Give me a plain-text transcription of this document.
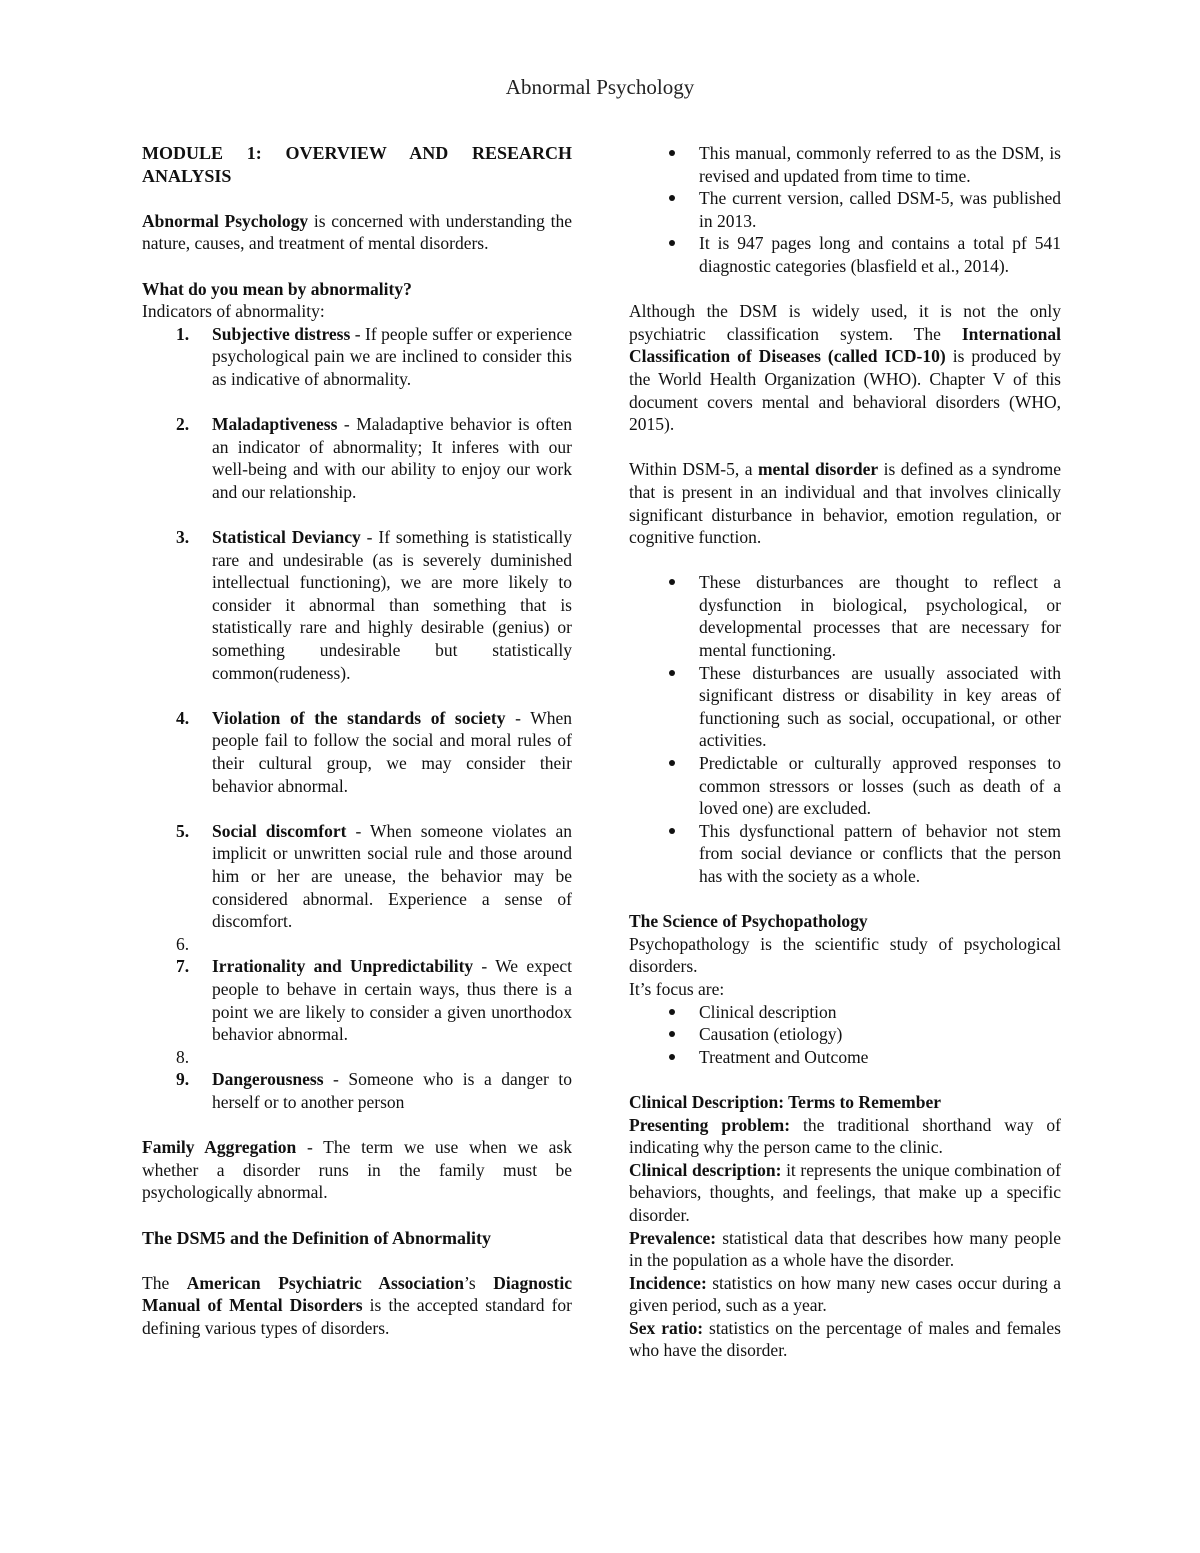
Abnormal Psychology

MODULE 1: OVERVIEW AND RESEARCH ANALYSIS

Abnormal Psychology is concerned with understanding the nature, causes, and treatment of mental disorders.

What do you mean by abnormality?

Indicators of abnormality:

1. Subjective distress - If people suffer or experience psychological pain we are inclined to consider this as indicative of abnormality.
2. Maladaptiveness - Maladaptive behavior is often an indicator of abnormality; It inferes with our well-being and with our ability to enjoy our work and our relationship.
3. Statistical Deviancy - If something is statistically rare and undesirable (as is severely duminished intellectual functioning), we are more likely to consider it abnormal than something that is statistically rare and highly desirable (genius) or something undesirable but statistically common(rudeness).
4. Violation of the standards of society - When people fail to follow the social and moral rules of their cultural group, we may consider their behavior abnormal.
5. Social discomfort - When someone violates an implicit or unwritten social rule and those around him or her are unease, the behavior may be considered abnormal. Experience a sense of discomfort.
6.

7. Irrationality and Unpredictability - We expect people to behave in certain ways, thus there is a point we are likely to consider a given unorthodox behavior abnormal.
8.

9. Dangerousness - Someone who is a danger to herself or to another person

Family Aggregation - The term we use when we ask whether a disorder runs in the family must be psychologically abnormal.

The DSM5 and the Definition of Abnormality

The American Psychiatric Association’s Diagnostic Manual of Mental Disorders is the accepted standard for defining various types of disorders.

This manual, commonly referred to as the DSM, is revised and updated from time to time.
The current version, called DSM-5, was published in 2013.
It is 947 pages long and contains a total pf 541 diagnostic categories (blasfield et al., 2014).

Although the DSM is widely used, it is not the only psychiatric classification system. The International Classification of Diseases (called ICD-10) is produced by the World Health Organization (WHO). Chapter V of this document covers mental and behavioral disorders (WHO, 2015).

Within DSM-5, a mental disorder is defined as a syndrome that is present in an individual and that involves clinically significant disturbance in behavior, emotion regulation, or cognitive function.

These disturbances are thought to reflect a dysfunction in biological, psychological, or developmental processes that are necessary for mental functioning.
These disturbances are usually associated with significant distress or disability in key areas of functioning such as social, occupational, or other activities.
Predictable or culturally approved responses to common stressors or losses (such as death of a loved one) are excluded.
This dysfunctional pattern of behavior not stem from social deviance or conflicts that the person has with the society as a whole.

The Science of Psychopathology

Psychopathology is the scientific study of psychological disorders.

It’s focus are:

Clinical description
Causation (etiology)
Treatment and Outcome

Clinical Description: Terms to Remember

Presenting problem: the traditional shorthand way of indicating why the person came to the clinic.

Clinical description: it represents the unique combination of behaviors, thoughts, and feelings, that make up a specific disorder.

Prevalence: statistical data that describes how many people in the population as a whole have the disorder.

Incidence: statistics on how many new cases occur during a given period, such as a year.

Sex ratio: statistics on the percentage of males and females who have the disorder.
